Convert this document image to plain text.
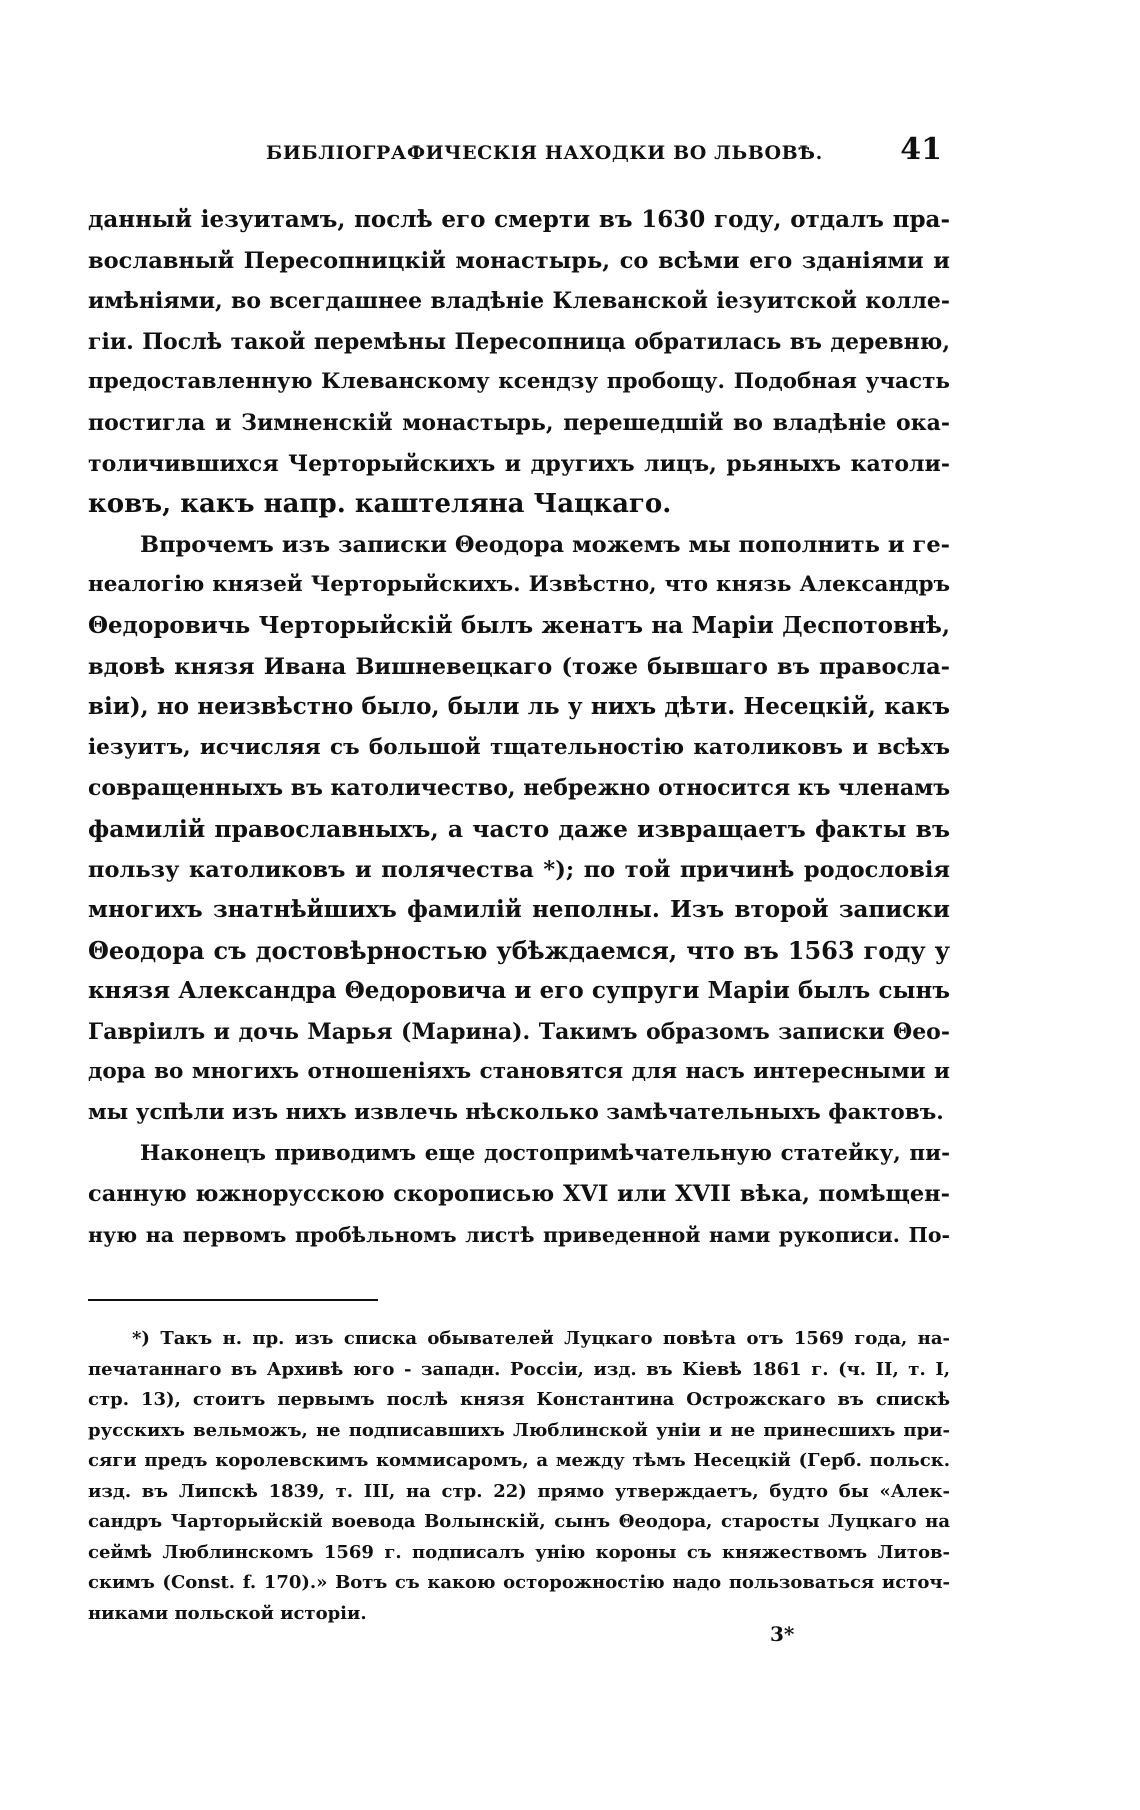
БИБЛІОГРАФИЧЕСКІЯ НАХОДКИ ВО ЛЬВОВѢ.	41
данный іезуитамъ, послѣ его смерти въ 1630 году, отдалъ пра-
вославный Пересопницкій монастырь, со всѣми его зданіями и
имѣніями, во всегдашнее владѣніе Клеванской іезуитской колле-
гіи. Послѣ такой перемѣны Пересопница обратилась въ деревню,
предоставленную Клеванскому ксендзу пробощу. Подобная участь
постигла и Зимненскій монастырь, перешедшій во владѣніе ока-
толичившихся Черторыйскихъ и другихъ лицъ, рьяныхъ католи-
ковъ, какъ напр. каштеляна Чацкаго.
Впрочемъ изъ записки Θеодора можемъ мы пополнить и ге-
неалогію князей Черторыйскихъ. Извѣстно, что князь Александръ
Θедоровичь Черторыйскій былъ женатъ на Маріи Деспотовнѣ,
вдовѣ князя Ивана Вишневецкаго (тоже бывшаго въ правосла-
віи), но неизвѣстно было, были ль у нихъ дѣти. Несецкій, какъ
іезуитъ, исчисляя съ большой тщательностію католиковъ и всѣхъ
совращенныхъ въ католичество, небрежно относится къ членамъ
фамилій православныхъ, а часто даже извращаетъ факты въ
пользу католиковъ и полячества *); по той причинѣ родословія
многихъ знатнѣйшихъ фамилій неполны. Изъ второй записки
Θеодора съ достовѣрностью убѣждаемся, что въ 1563 году у
князя Александра Θедоровича и его супруги Маріи былъ сынъ
Гаврiилъ и дочь Марья (Марина). Такимъ образомъ записки Θео-
дора во многихъ отношеніяхъ становятся для насъ интересными и
мы успѣли изъ нихъ извлечь нѣсколько замѣчательныхъ фактовъ.
Наконецъ приводимъ еще достопримѣчательную статейку, пи-
санную южнорусскою скорописью XVI или XVII вѣка, помѣщен-
ную на первомъ пробѣльномъ листѣ приведенной нами рукописи. По-
*) Такъ н. пр. изъ списка обывателей Луцкаго повѣта отъ 1569 года, на-
печатаннаго въ Архивѣ юго - западн. Россіи, изд. въ Кіевѣ 1861 г. (ч. II, т. I,
стр. 13), стоитъ первымъ послѣ князя Константина Острожскаго въ спискѣ
русскихъ вельможъ, не подписавшихъ Люблинской уніи и не принесшихъ при-
сяги предъ королевскимъ коммисаромъ, а между тѣмъ Несецкій (Герб. польск.
изд. въ Липскѣ 1839, т. III, на стр. 22) прямо утверждаетъ, будто бы «Алек-
сандръ Чарторыйскій воевода Волынскій, сынъ Θеодора, старосты Луцкаго на
сеймѣ Люблинскомъ 1569 г. подписалъ унію короны съ княжествомъ Литов-
скимъ (Const. f. 170).» Вотъ съ какою осторожностію надо пользоваться источ-
никами польской исторіи.
3*
